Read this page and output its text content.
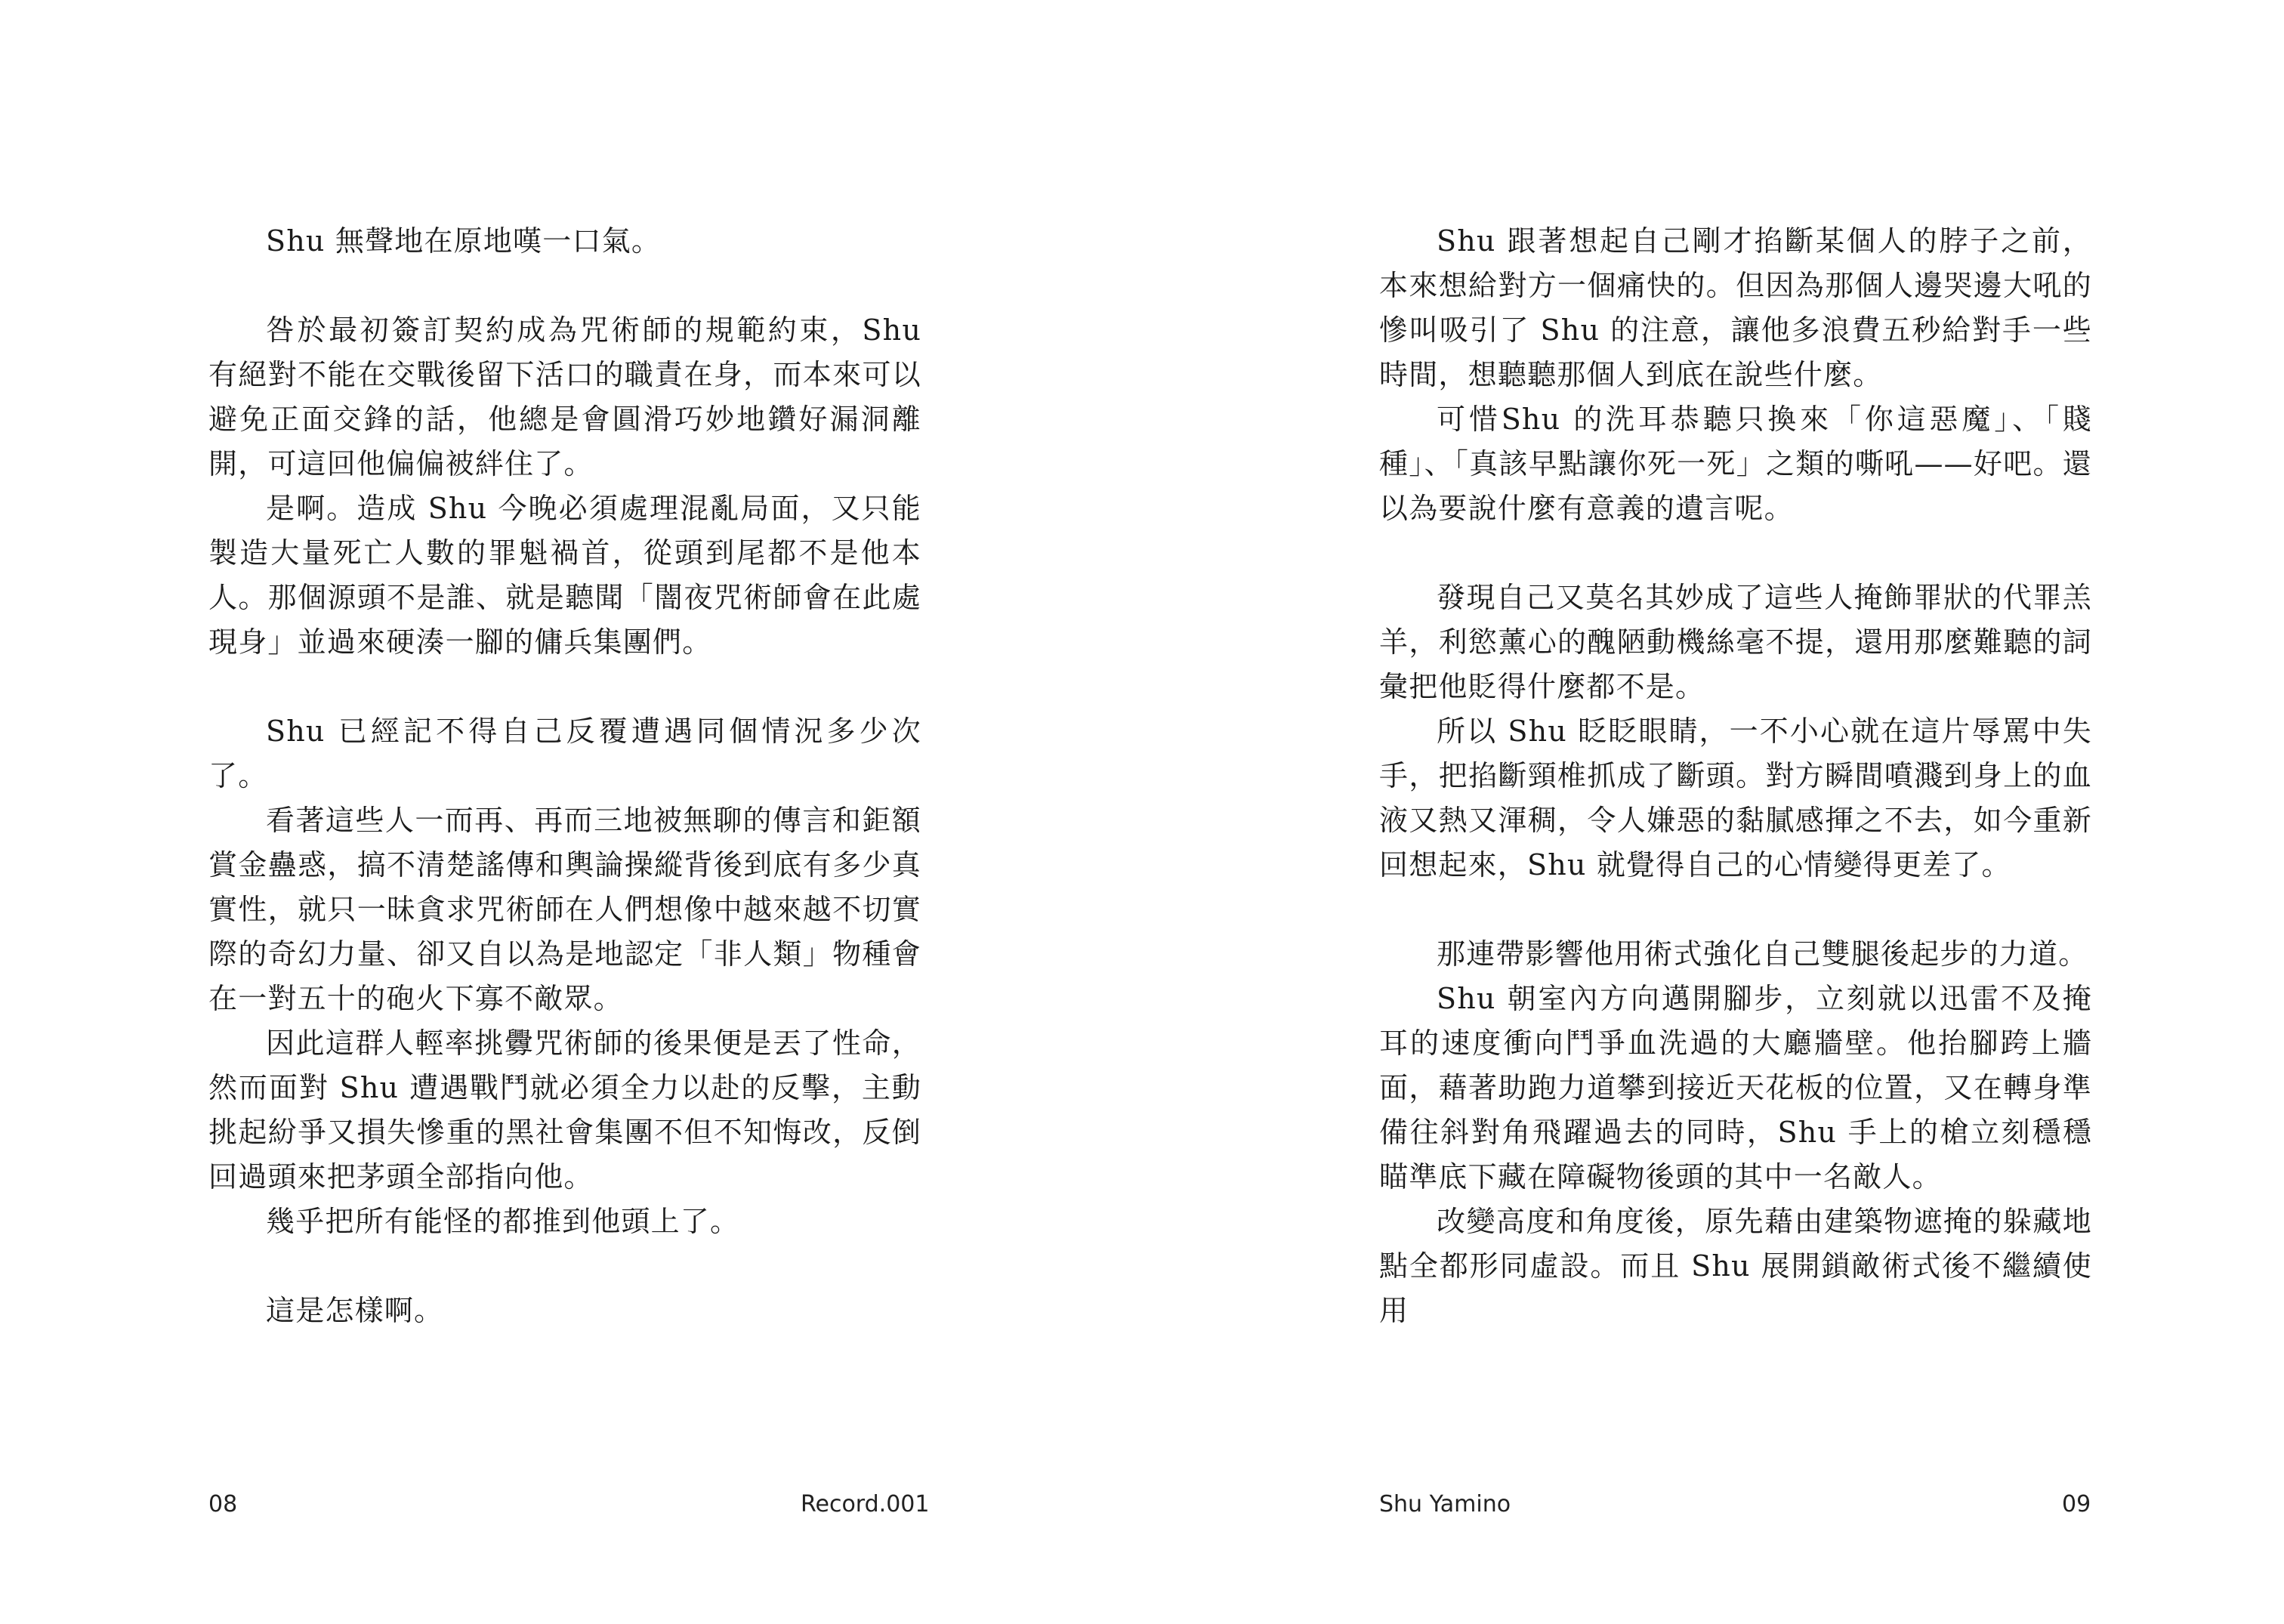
Shu 無聲地在原地嘆一口氣。

咎於最初簽訂契約成為咒術師的規範約束，Shu 有絕對不能在交戰後留下活口的職責在身，而本來可以避免正面交鋒的話，他總是會圓滑巧妙地鑽好漏洞離開，可這回他偏偏被絆住了。

是啊。造成 Shu 今晚必須處理混亂局面，又只能製造大量死亡人數的罪魁禍首，從頭到尾都不是他本人。那個源頭不是誰、就是聽聞「闇夜咒術師會在此處現身」並過來硬湊一腳的傭兵集團們。

Shu 已經記不得自己反覆遭遇同個情況多少次了。

看著這些人一而再、再而三地被無聊的傳言和鉅額賞金蠱惑，搞不清楚謠傳和輿論操縱背後到底有多少真實性，就只一昧貪求咒術師在人們想像中越來越不切實際的奇幻力量、卻又自以為是地認定「非人類」物種會在一對五十的砲火下寡不敵眾。

因此這群人輕率挑釁咒術師的後果便是丟了性命，然而面對 Shu 遭遇戰鬥就必須全力以赴的反擊，主動挑起紛爭又損失慘重的黑社會集團不但不知悔改，反倒回過頭來把茅頭全部指向他。

幾乎把所有能怪的都推到他頭上了。

這是怎樣啊。

08	Record.001

Shu 跟著想起自己剛才掐斷某個人的脖子之前，本來想給對方一個痛快的。但因為那個人邊哭邊大吼的慘叫吸引了 Shu 的注意，讓他多浪費五秒給對手一些時間，想聽聽那個人到底在說些什麼。

可惜Shu 的洗耳恭聽只換來「你這惡魔」、「賤種」、「真該早點讓你死一死」之類的嘶吼——好吧。還以為要說什麼有意義的遺言呢。

發現自己又莫名其妙成了這些人掩飾罪狀的代罪羔羊，利慾薰心的醜陋動機絲毫不提，還用那麼難聽的詞彙把他貶得什麼都不是。

所以 Shu 眨眨眼睛，一不小心就在這片辱罵中失手，把掐斷頸椎抓成了斷頭。對方瞬間噴濺到身上的血液又熱又渾稠，令人嫌惡的黏膩感揮之不去，如今重新回想起來，Shu 就覺得自己的心情變得更差了。

那連帶影響他用術式強化自己雙腿後起步的力道。

Shu 朝室內方向邁開腳步，立刻就以迅雷不及掩耳的速度衝向鬥爭血洗過的大廳牆壁。他抬腳跨上牆面，藉著助跑力道攀到接近天花板的位置，又在轉身準備往斜對角飛躍過去的同時，Shu 手上的槍立刻穩穩瞄準底下藏在障礙物後頭的其中一名敵人。

改變高度和角度後，原先藉由建築物遮掩的躲藏地點全都形同虛設。而且 Shu 展開鎖敵術式後不繼續使用

Shu Yamino	09
